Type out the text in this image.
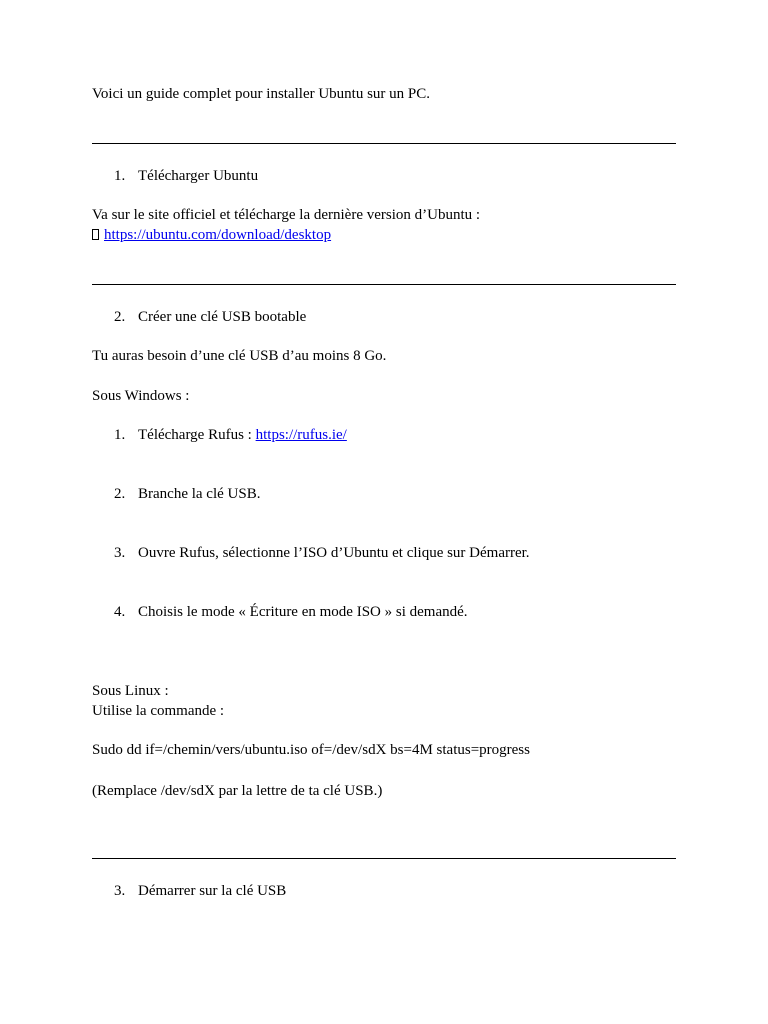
Voici un guide complet pour installer Ubuntu sur un PC.
1. Télécharger Ubuntu
Va sur le site officiel et télécharge la dernière version d’Ubuntu :
https://ubuntu.com/download/desktop
2. Créer une clé USB bootable
Tu auras besoin d’une clé USB d’au moins 8 Go.
Sous Windows :
1. Télécharge Rufus : https://rufus.ie/
2. Branche la clé USB.
3. Ouvre Rufus, sélectionne l’ISO d’Ubuntu et clique sur Démarrer.
4. Choisis le mode « Écriture en mode ISO » si demandé.
Sous Linux :
Utilise la commande :
Sudo dd if=/chemin/vers/ubuntu.iso of=/dev/sdX bs=4M status=progress
(Remplace /dev/sdX par la lettre de ta clé USB.)
3. Démarrer sur la clé USB
